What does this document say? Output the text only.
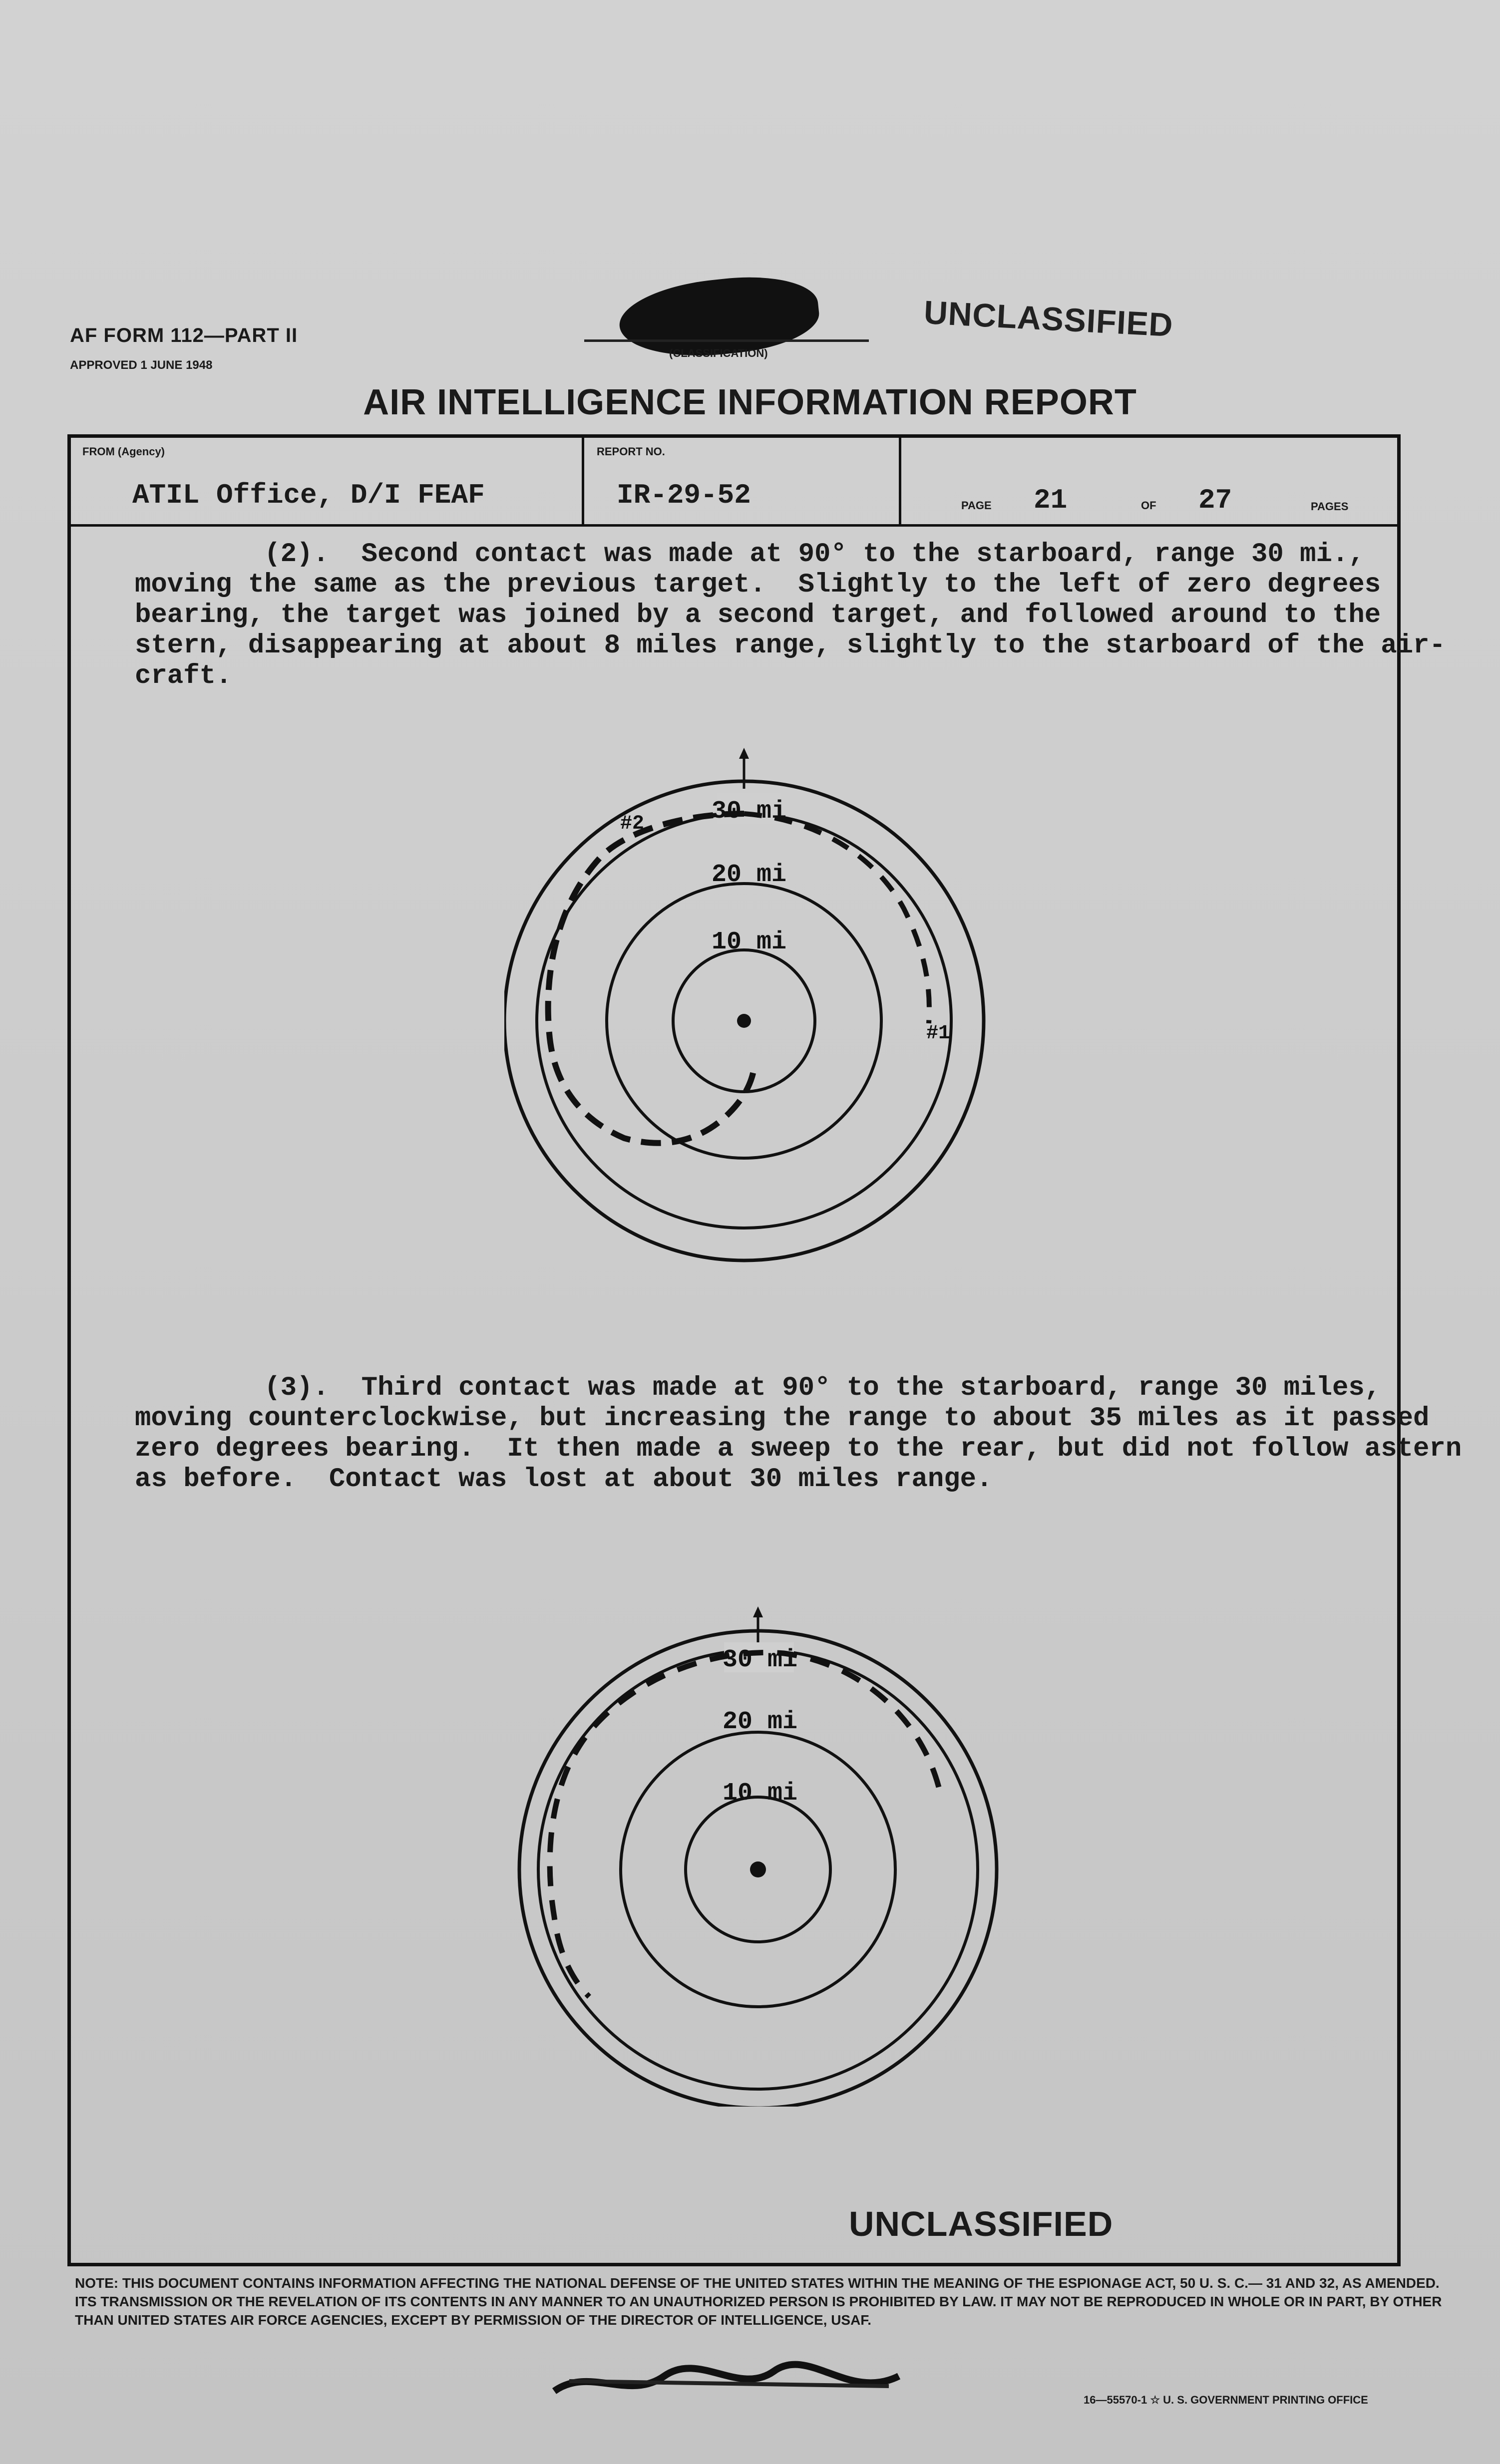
AF FORM 112—PART II
APPROVED 1 JUNE 1948
(CLASSIFICATION)
UNCLASSIFIED
AIR INTELLIGENCE INFORMATION REPORT
FROM (Agency)
ATIL Office, D/I FEAF
REPORT NO.
IR-29-52	PAGE 21	OF 27	PAGES
(2).  Second contact was made at 90° to the starboard, range 30 mi.,
moving the same as the previous target.  Slightly to the left of zero degrees
bearing, the target was joined by a second target, and followed around to the
stern, disappearing at about 8 miles range, slightly to the starboard of the air-
craft.
30 mi
20 mi
10 mi
#2
#1
(3).  Third contact was made at 90° to the starboard, range 30 miles,
moving counterclockwise, but increasing the range to about 35 miles as it passed
zero degrees bearing.  It then made a sweep to the rear, but did not follow astern
as before.  Contact was lost at about 30 miles range.
30 mi
20 mi
10 mi
UNCLASSIFIED
NOTE: THIS DOCUMENT CONTAINS INFORMATION AFFECTING THE NATIONAL DEFENSE OF THE UNITED STATES WITHIN THE MEANING OF THE ESPIONAGE ACT, 50 U. S. C.— 31 AND 32, AS AMENDED. ITS TRANSMISSION OR THE REVELATION OF ITS CONTENTS IN ANY MANNER TO AN UNAUTHORIZED PERSON IS PROHIBITED BY LAW. IT MAY NOT BE REPRODUCED IN WHOLE OR IN PART, BY OTHER THAN UNITED STATES AIR FORCE AGENCIES, EXCEPT BY PERMISSION OF THE DIRECTOR OF INTELLIGENCE, USAF.
16—55570-1 ☆ U. S. GOVERNMENT PRINTING OFFICE
